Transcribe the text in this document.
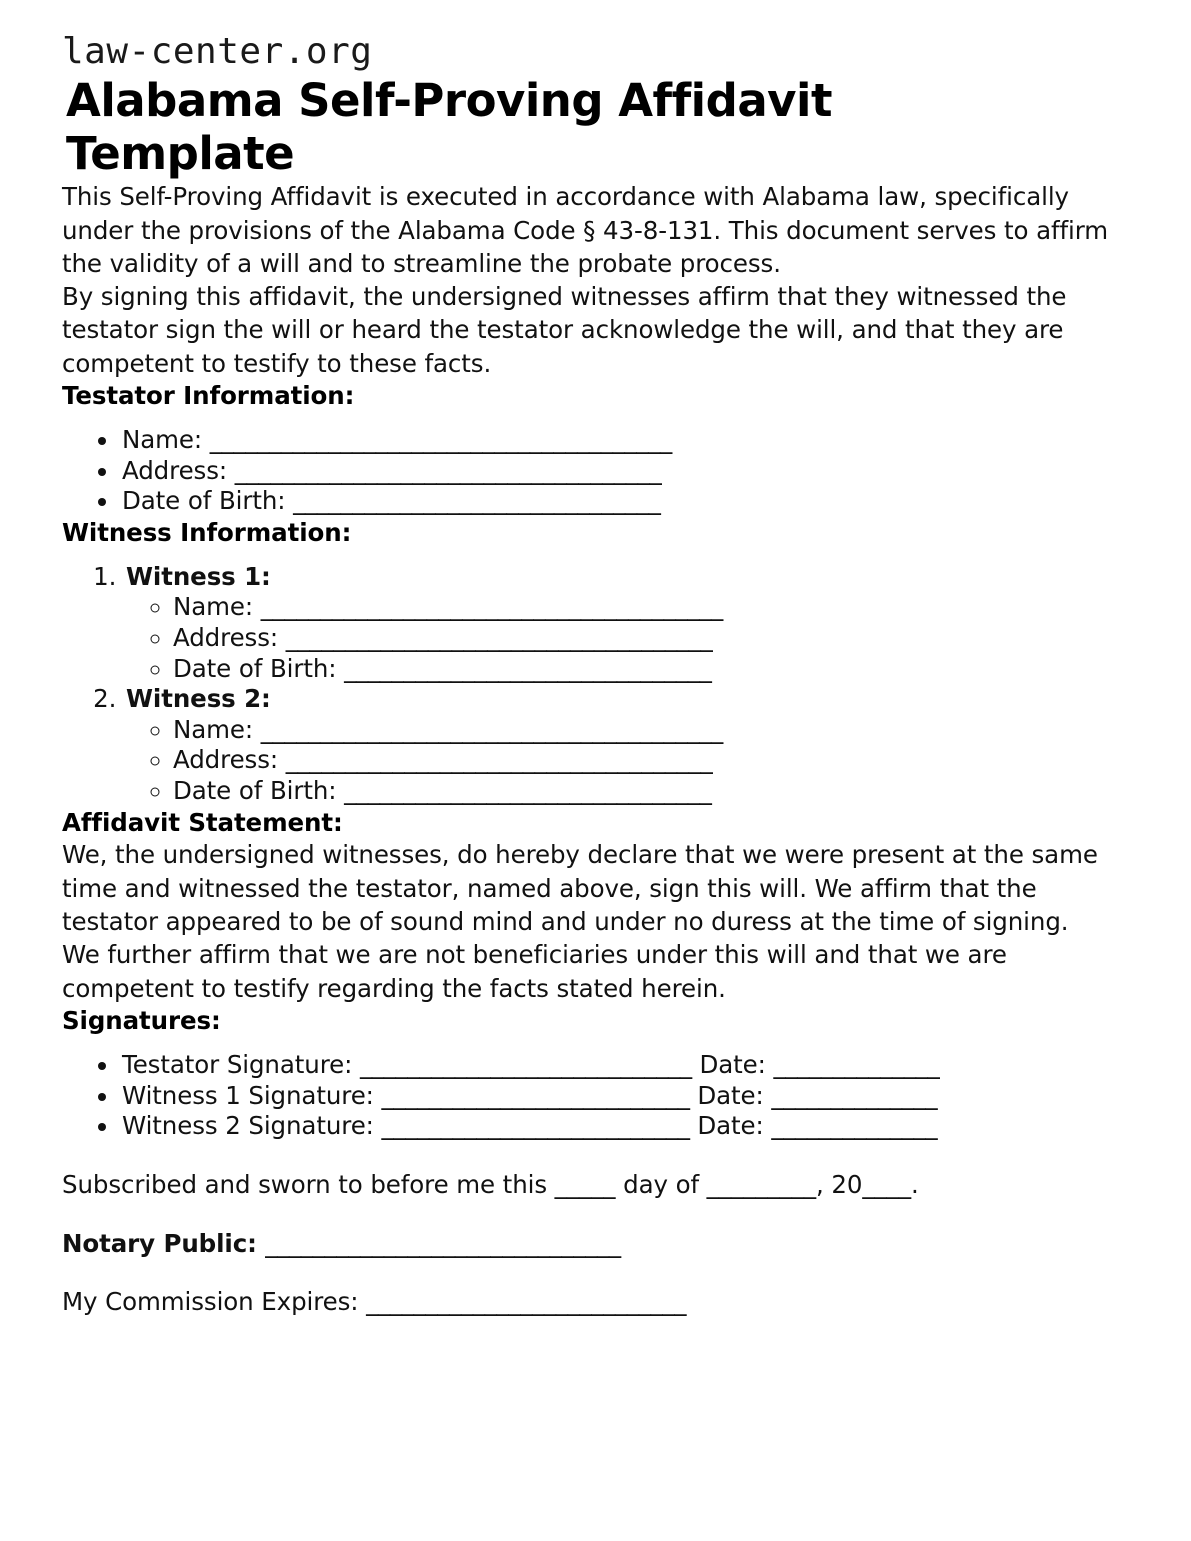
law-center.org
Alabama Self-Proving Affidavit Template

This Self-Proving Affidavit is executed in accordance with Alabama law, specifically under the provisions of the Alabama Code § 43-8-131. This document serves to affirm the validity of a will and to streamline the probate process.

By signing this affidavit, the undersigned witnesses affirm that they witnessed the testator sign the will or heard the testator acknowledge the will, and that they are competent to testify to these facts.

Testator Information:
• Name: _______________________________________
• Address: ____________________________________
• Date of Birth: _______________________________
Witness Information:
1. Witness 1:
◦ Name: _______________________________________
◦ Address: ____________________________________
◦ Date of Birth: _______________________________
2. Witness 2:
◦ Name: _______________________________________
◦ Address: ____________________________________
◦ Date of Birth: _______________________________
Affidavit Statement:

We, the undersigned witnesses, do hereby declare that we were present at the same time and witnessed the testator, named above, sign this will. We affirm that the testator appeared to be of sound mind and under no duress at the time of signing.

We further affirm that we are not beneficiaries under this will and that we are competent to testify regarding the facts stated herein.

Signatures:
• Testator Signature: ____________________________ Date: ______________
• Witness 1 Signature: __________________________ Date: ______________
• Witness 2 Signature: __________________________ Date: ______________

Subscribed and sworn to before me this _____ day of _________, 20____.

Notary Public: ______________________________

My Commission Expires: ___________________________
